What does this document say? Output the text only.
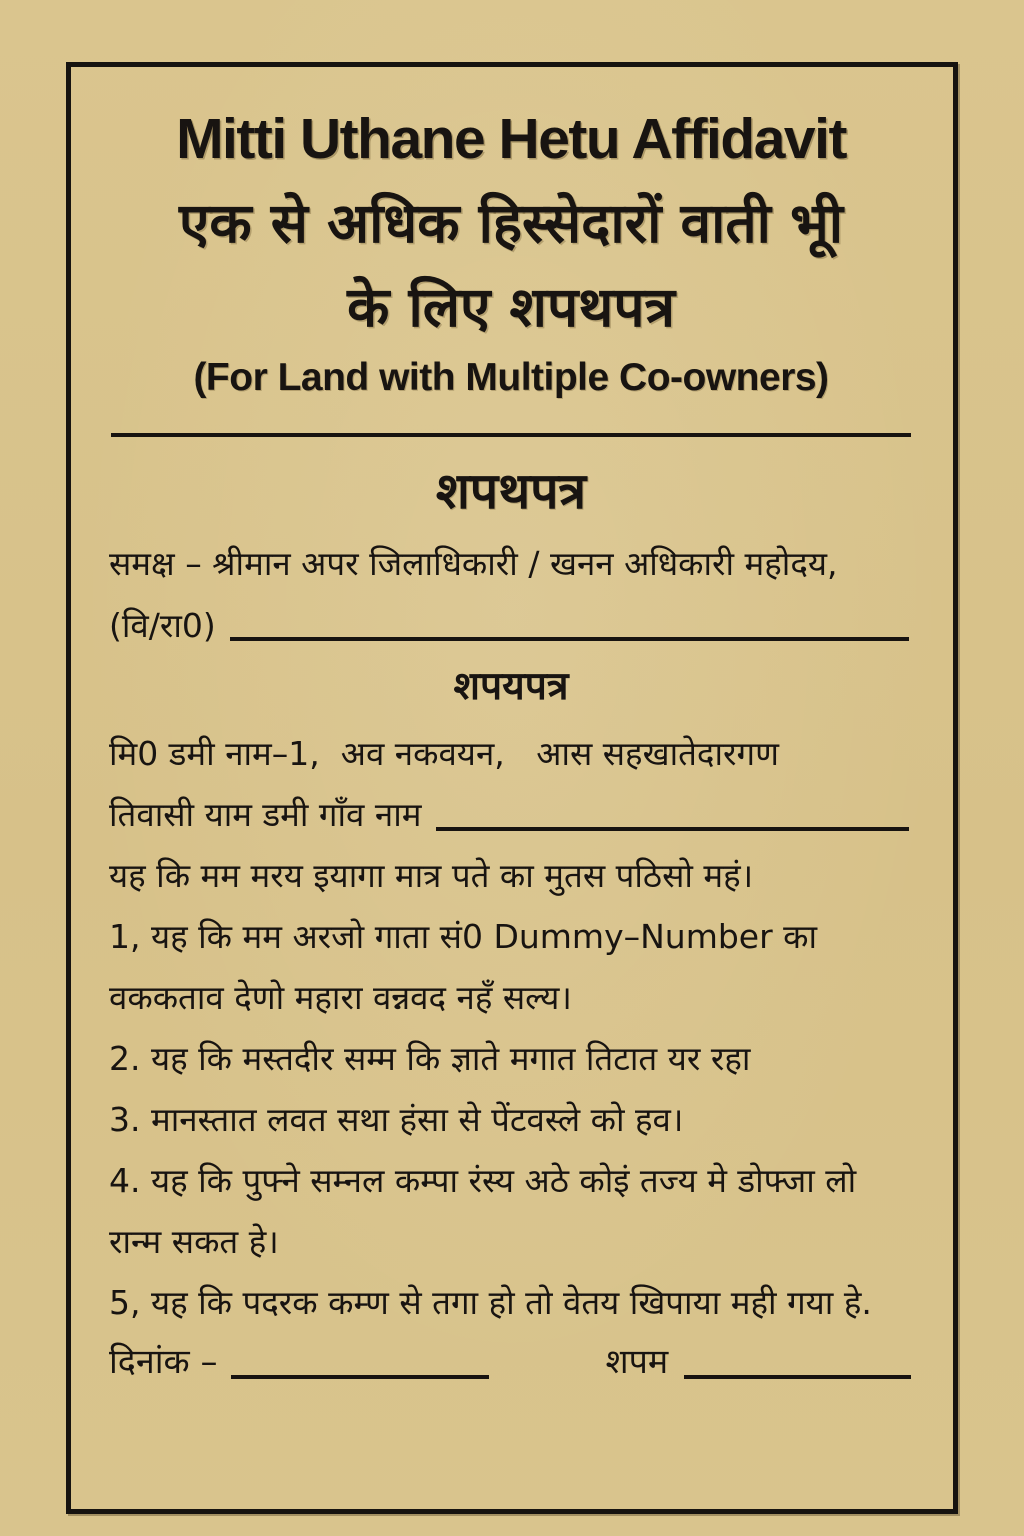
Mitti Uthane Hetu Affidavit
एक से अधिक हिस्सेदारों वाती भूी
के लिए शपथपत्र
(For Land with Multiple Co-owners)
शपथपत्र
समक्ष – श्रीमान अपर जिलाधिकारी / खनन अधिकारी महोदय,
(वि/रा0)
शपयपत्र
मि0 डमी नाम–1,  अव नकवयन,   आस सहखातेदारगण
तिवासी याम डमी गाँव नाम
यह कि मम मरय इयागा मात्र पते का मुतस पठिसो महं।
1, यह कि मम अरजो गाता सं0 Dummy–Number का वककताव देणो महारा वन्नवद नहँ सल्य।
2. यह कि मस्तदीर सम्म कि ज्ञाते मगात तिटात यर रहा
3. मानस्तात लवत सथा हंसा से पेंटवस्ले को हव।
4. यह कि पुफ्ने सम्नल कम्पा रंस्य अठे कोइं तज्य मे डोफ्जा लो रान्म सकत हे।
5, यह कि पदरक कम्ण से तगा हो तो वेतय खिपाया मही गया हे.
दिनांक –	शपम
